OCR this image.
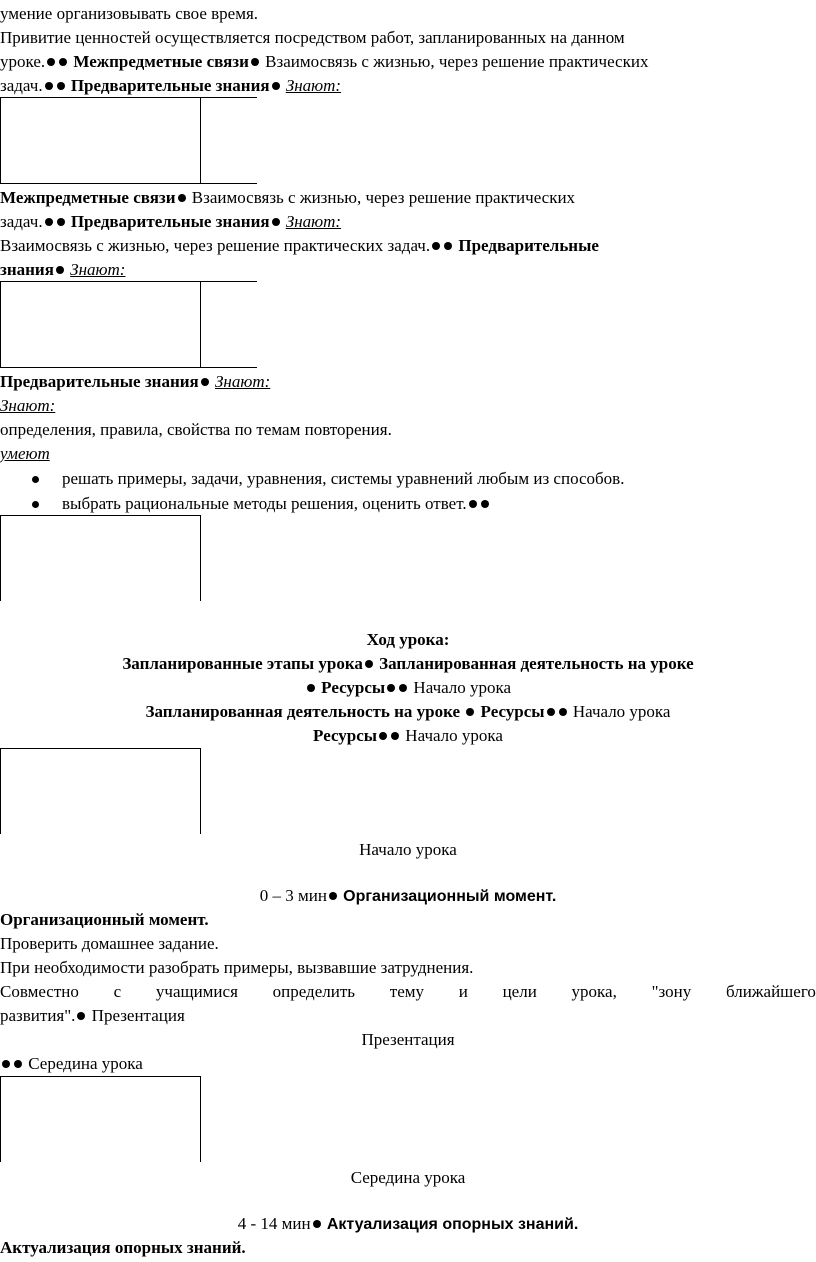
умение организовывать свое время.
Привитие ценностей осуществляется посредством работ, запланированных на данном
уроке. Межпредметные связи Взаимосвязь с жизнью, через решение практических
задач. Предварительные знания Знают:
Межпредметные связи Взаимосвязь с жизнью, через решение практических
задач. Предварительные знания Знают:
Взаимосвязь с жизнью, через решение практических задач. Предварительные
знания Знают:
Предварительные знания Знают:
Знают:
определения, правила, свойства по темам повторения.
умеют
решать примеры, задачи, уравнения, системы уравнений любым из способов.
выбрать рациональные методы решения, оценить ответ.
Ход урока:
Запланированные этапы урока Запланированная деятельность на уроке
Ресурсы Начало урока
Запланированная деятельность на уроке Ресурсы Начало урока
Ресурсы Начало урока
Начало урока
0 – 3 мин Организационный момент.
Организационный момент.
Проверить домашнее задание.
При необходимости разобрать примеры, вызвавшие затруднения.
Совместно с учащимися определить тему и цели урока, "зону ближайшего
развития". Презентация
Презентация
Середина урока
Середина урока
4 - 14 мин Актуализация опорных знаний.
Актуализация опорных знаний.
